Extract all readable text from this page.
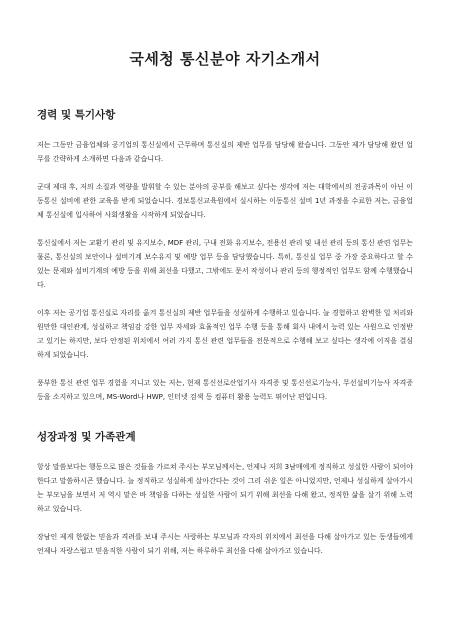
국세청 통신분야 자기소개서
경력 및 특기사항

저는 그동안 금융업체와 공기업의 통신실에서 근무하며 통신실의 제반 업무를 담당해 왔습니다. 그동안 제가 담당해 왔던 업무를 간략하게 소개하면 다음과 같습니다.

군대 제대 후, 저의 소질과 역량을 발휘할 수 있는 분야의 공부를 해보고 싶다는 생각에 저는 대학에서의 전공과목이 아닌 이동통신 설비에 관한 교육을 받게 되었습니다. 경보통신교육원에서 실시하는 이동통신 설비 1년 과정을 수료한 저는, 금융업체 통신실에 입사하여 사회생활을 시작하게 되었습니다.

통신실에서 저는 교환기 관리 및 유지보수, MDF 관리, 구내 전화 유지보수, 전용선 관리 및 내선 관리 등의 통신 관련 업무는 물론, 통신실의 보안이나 설비기계 보수유지 및 예방 업무 등을 담당했습니다. 특히, 통신실 업무 중 가장 중요하다고 할 수 있는 문제와 설비기계의 예방 등을 위해 최선을 다했고, 그밖에도 문서 작성이나 관리 등의 행정적인 업무도 함께 수행했습니다.

이후 저는 공기업 통신실로 자리를 옮겨 통신실의 제반 업무들을 성실하게 수행하고 있습니다. 늘 경험하고 완벽한 일 처리와 원만한 대인관계, 성실하고 책임감 강한 업무 자세와 효율적인 업무 수행 등을 통해 회사 내에서 능력 있는 사원으로 인정받고 있기는 하지만, 보다 안정된 위치에서 여러 가지 통신 관련 업무들을 전문적으로 수행해 보고 싶다는 생각에 이직을 결심하게 되었습니다.

풍부한 통신 관련 업무 경험을 지니고 있는 저는, 현재 통신선로산업기사 자격증 및 통신선로기능사, 무선설비기능사 자격증 등을 소지하고 있으며, MS-Word나 HWP, 인터넷 검색 등 컴퓨터 활용 능력도 뛰어난 편입니다.

성장과정 및 가족관계

항상 말씀보다는 행동으로 많은 것들을 가르쳐 주시는 부모님께서는, 언제나 저희 3남매에게 정직하고 성실한 사람이 되어야 한다고 말씀하시곤 했습니다. 늘 정직하고 성실하게 살아간다는 것이 그리 쉬운 일은 아니었지만, 언제나 성실하게 살아가시는 부모님을 보면서 저 역시 맡은 바 책임을 다하는 성실한 사람이 되기 위해 최선을 다해 왔고, 정직한 삶을 살기 위해 노력하고 있습니다.

장남인 제게 한없는 믿음과 격려를 보내 주시는 사랑하는 부모님과 각자의 위치에서 최선을 다해 살아가고 있는 동생들에게 언제나 자랑스럽고 믿음직한 사람이 되기 위해, 저는 하루하루 최선을 다해 살아가고 있습니다.
